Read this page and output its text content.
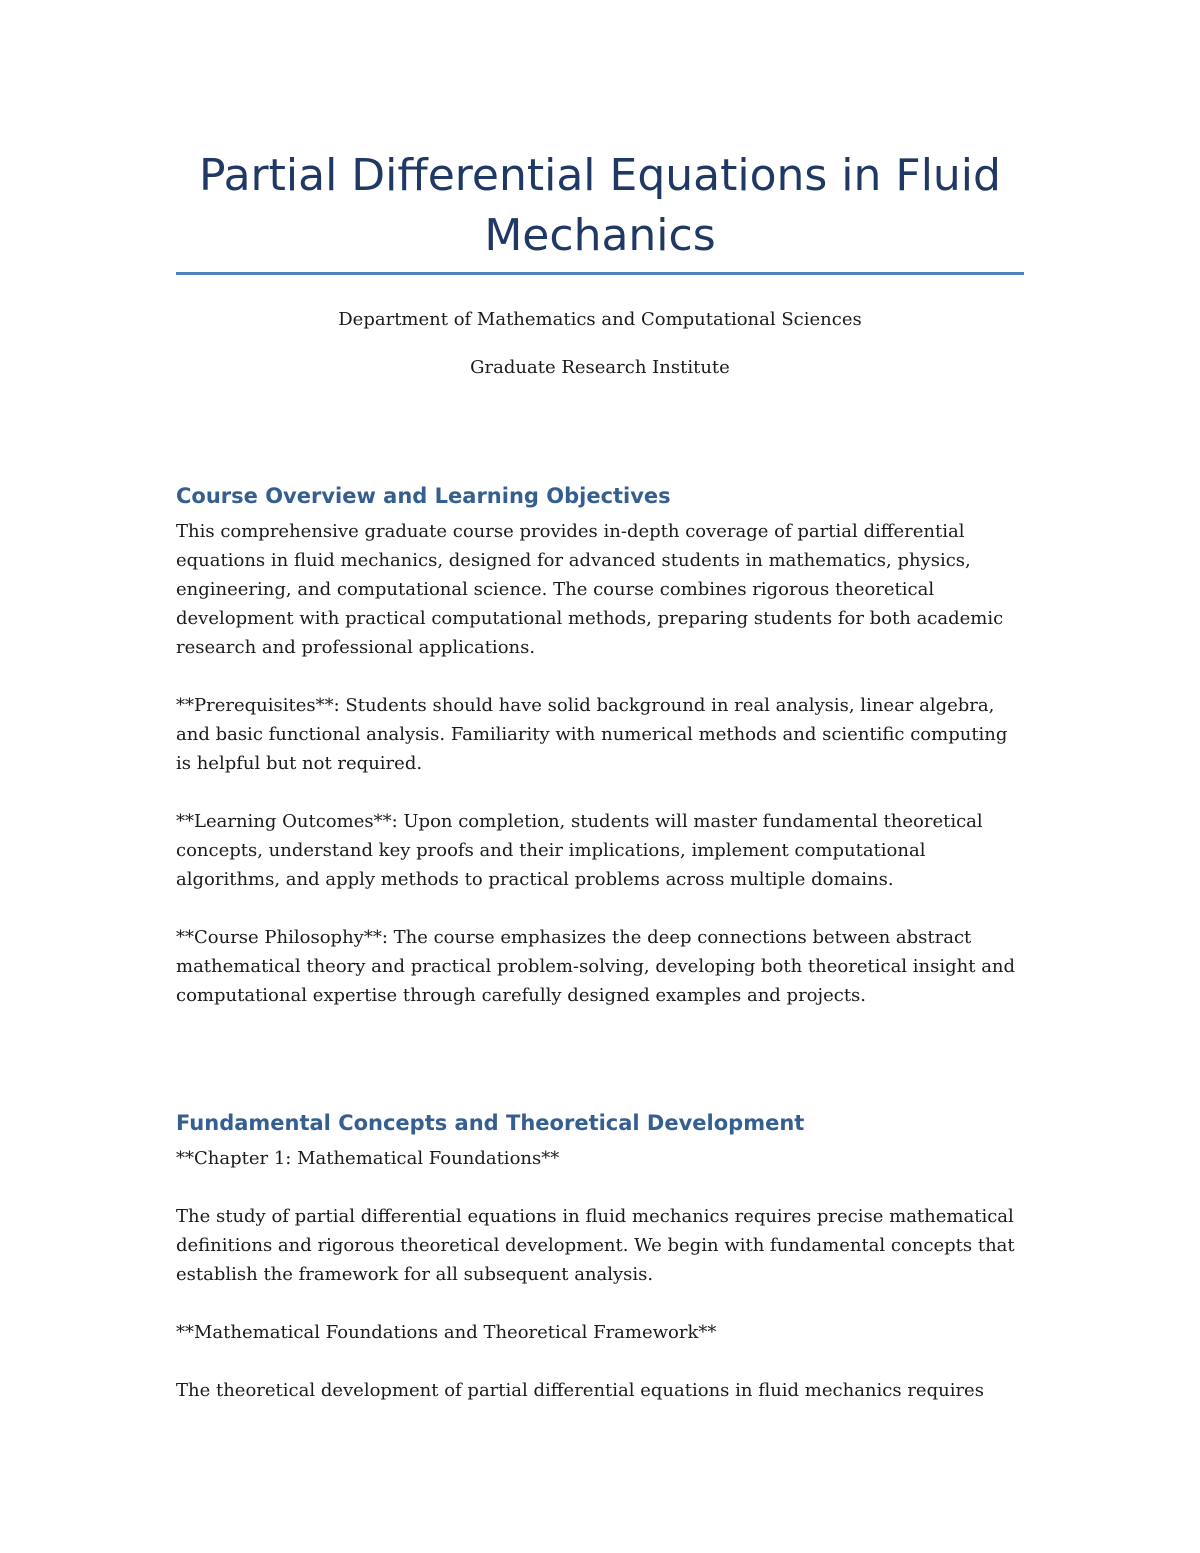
Partial Differential Equations in Fluid Mechanics

Department of Mathematics and Computational Sciences

Graduate Research Institute

Course Overview and Learning Objectives

This comprehensive graduate course provides in-depth coverage of partial differential equations in fluid mechanics, designed for advanced students in mathematics, physics, engineering, and computational science. The course combines rigorous theoretical development with practical computational methods, preparing students for both academic research and professional applications.

**Prerequisites**: Students should have solid background in real analysis, linear algebra, and basic functional analysis. Familiarity with numerical methods and scientific computing is helpful but not required.

**Learning Outcomes**: Upon completion, students will master fundamental theoretical concepts, understand key proofs and their implications, implement computational algorithms, and apply methods to practical problems across multiple domains.

**Course Philosophy**: The course emphasizes the deep connections between abstract mathematical theory and practical problem-solving, developing both theoretical insight and computational expertise through carefully designed examples and projects.

Fundamental Concepts and Theoretical Development

**Chapter 1: Mathematical Foundations**

The study of partial differential equations in fluid mechanics requires precise mathematical definitions and rigorous theoretical development. We begin with fundamental concepts that establish the framework for all subsequent analysis.

**Mathematical Foundations and Theoretical Framework**

The theoretical development of partial differential equations in fluid mechanics requires
